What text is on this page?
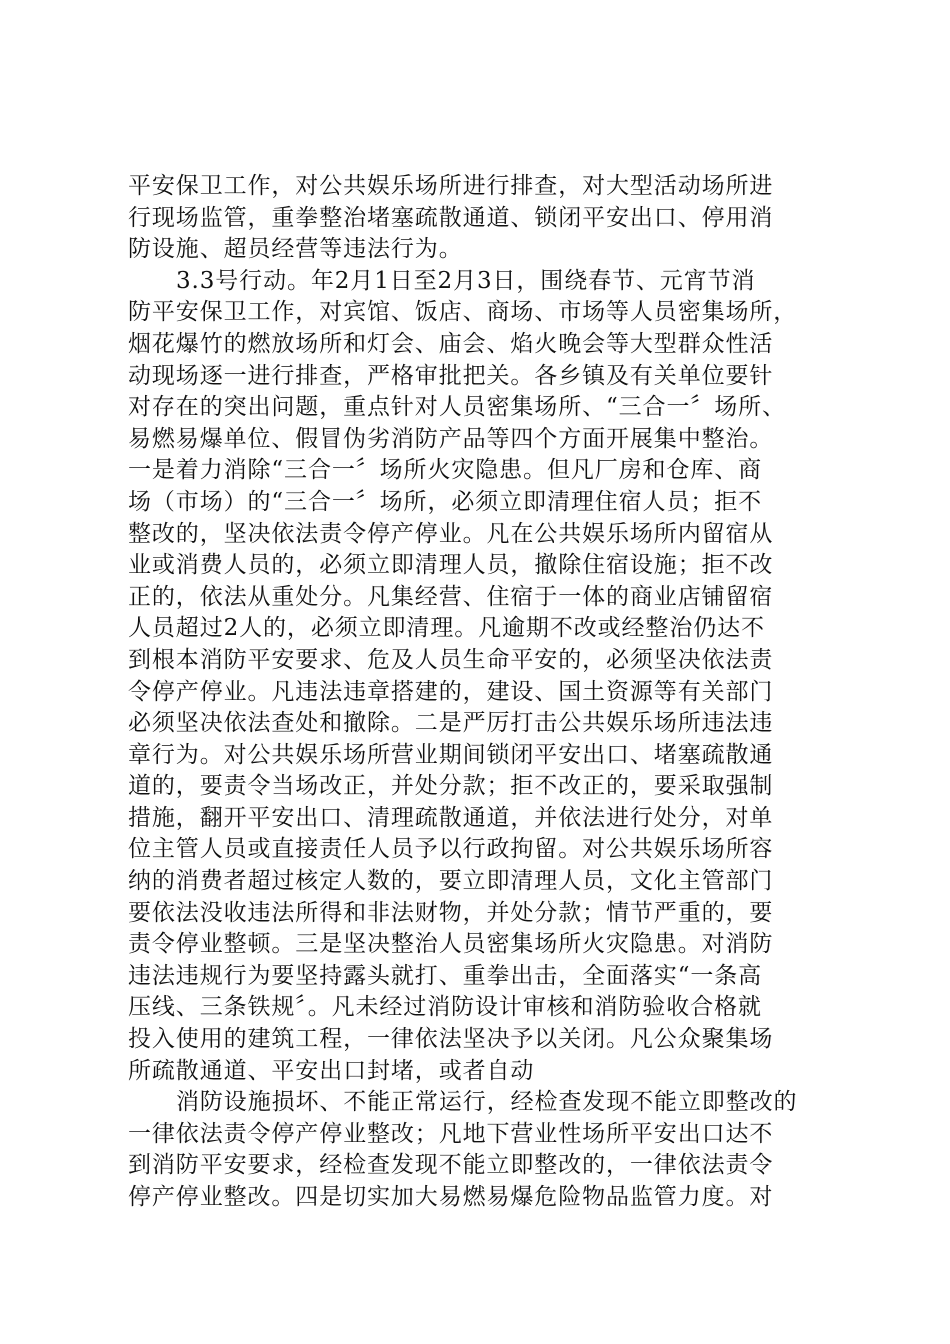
平安保卫工作，对公共娱乐场所进行排查，对大型活动场所进
行现场监管，重拳整治堵塞疏散通道、锁闭平安出口、停用消
防设施、超员经营等违法行为。
3.3号行动。年2月1日至2月3日，围绕春节、元宵节消
防平安保卫工作，对宾馆、饭店、商场、市场等人员密集场所，
烟花爆竹的燃放场所和灯会、庙会、焰火晚会等大型群众性活
动现场逐一进行排查，严格审批把关。各乡镇及有关单位要针
对存在的突出问题，重点针对人员密集场所、“三合一〞场所、
易燃易爆单位、假冒伪劣消防产品等四个方面开展集中整治。
一是着力消除“三合一〞场所火灾隐患。但凡厂房和仓库、商
场（市场）的“三合一〞场所，必须立即清理住宿人员；拒不
整改的，坚决依法责令停产停业。凡在公共娱乐场所内留宿从
业或消费人员的，必须立即清理人员，撤除住宿设施；拒不改
正的，依法从重处分。凡集经营、住宿于一体的商业店铺留宿
人员超过2人的，必须立即清理。凡逾期不改或经整治仍达不
到根本消防平安要求、危及人员生命平安的，必须坚决依法责
令停产停业。凡违法违章搭建的，建设、国土资源等有关部门
必须坚决依法查处和撤除。二是严厉打击公共娱乐场所违法违
章行为。对公共娱乐场所营业期间锁闭平安出口、堵塞疏散通
道的，要责令当场改正，并处分款；拒不改正的，要采取强制
措施，翻开平安出口、清理疏散通道，并依法进行处分，对单
位主管人员或直接责任人员予以行政拘留。对公共娱乐场所容
纳的消费者超过核定人数的，要立即清理人员，文化主管部门
要依法没收违法所得和非法财物，并处分款；情节严重的，要
责令停业整顿。三是坚决整治人员密集场所火灾隐患。对消防
违法违规行为要坚持露头就打、重拳出击，全面落实“一条高
压线、三条铁规〞。凡未经过消防设计审核和消防验收合格就
投入使用的建筑工程，一律依法坚决予以关闭。凡公众聚集场
所疏散通道、平安出口封堵，或者自动
消防设施损坏、不能正常运行，经检查发现不能立即整改的
一律依法责令停产停业整改；凡地下营业性场所平安出口达不
到消防平安要求，经检查发现不能立即整改的，一律依法责令
停产停业整改。四是切实加大易燃易爆危险物品监管力度。对
